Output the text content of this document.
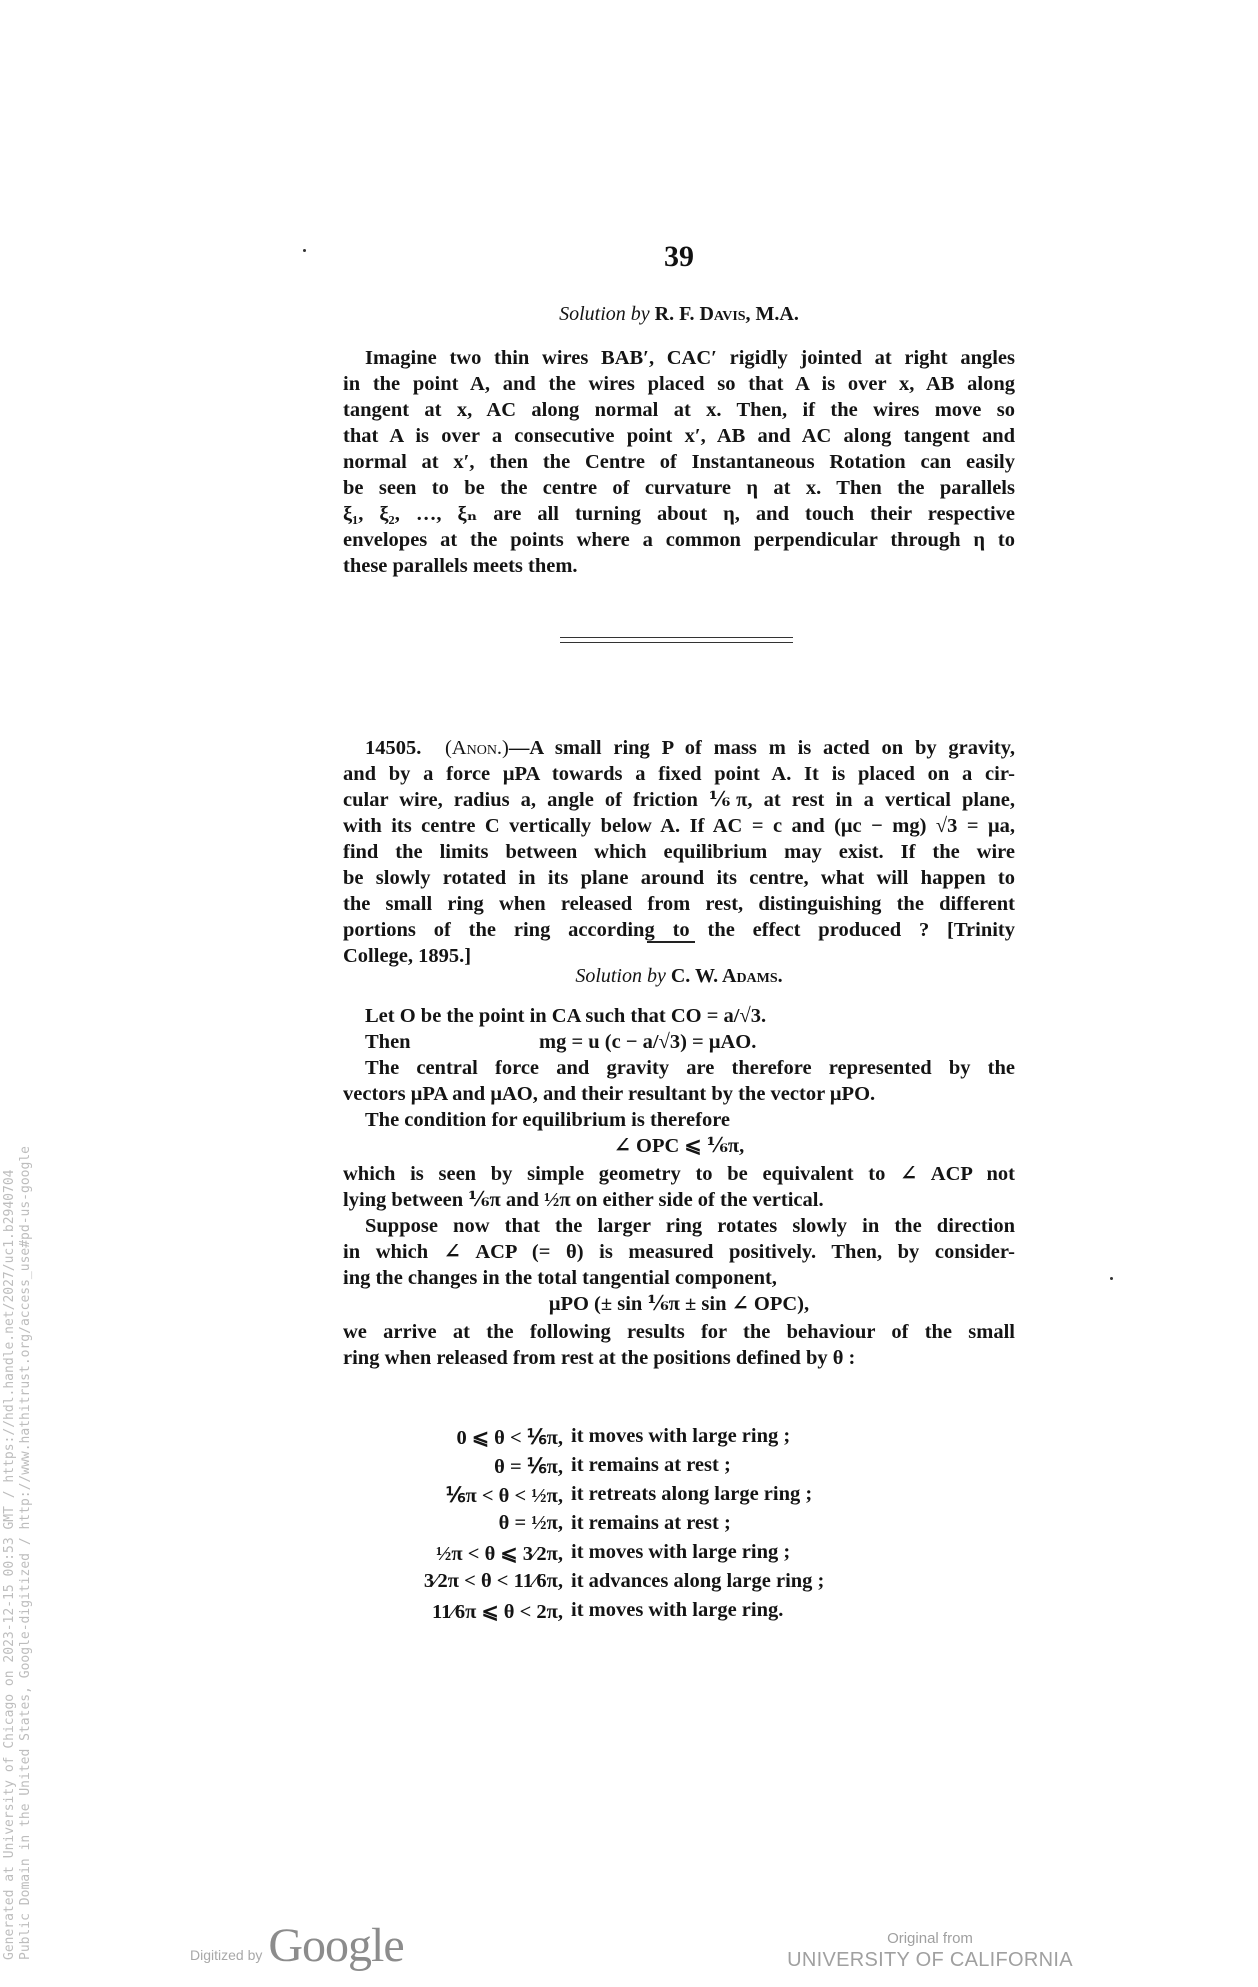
39
Solution by R. F. Davis, M.A.
Imagine two thin wires BAB′, CAC′ rigidly jointed at right angles
in the point A, and the wires placed so that A is over x, AB along
tangent at x, AC along normal at x. Then, if the wires move so
that A is over a consecutive point x′, AB and AC along tangent and
normal at x′, then the Centre of Instantaneous Rotation can easily
be seen to be the centre of curvature η at x. Then the parallels
ξ₁, ξ₂, …, ξₙ are all turning about η, and touch their respective
envelopes at the points where a common perpendicular through η to
these parallels meets them.
14505. (Anon.)—A small ring P of mass m is acted on by gravity,
and by a force μPA towards a fixed point A. It is placed on a cir-
cular wire, radius a, angle of friction ⅙π, at rest in a vertical plane,
with its centre C vertically below A. If AC = c and (μc − mg) √3 = μa,
find the limits between which equilibrium may exist. If the wire
be slowly rotated in its plane around its centre, what will happen to
the small ring when released from rest, distinguishing the different
portions of the ring according to the effect produced ? [Trinity
College, 1895.]
Solution by C. W. Adams.
Let O be the point in CA such that CO = a/√3.
Then	mg = u (c − a/√3) = μAO.
The central force and gravity are therefore represented by the
vectors μPA and μAO, and their resultant by the vector μPO.
The condition for equilibrium is therefore
∠ OPC ⩽ ⅙π,
which is seen by simple geometry to be equivalent to ∠ ACP not
lying between ⅙π and ½π on either side of the vertical.
Suppose now that the larger ring rotates slowly in the direction
in which ∠ ACP (= θ) is measured positively. Then, by consider-
ing the changes in the total tangential component,
μPO (± sin ⅙π ± sin ∠ OPC),
we arrive at the following results for the behaviour of the small
ring when released from rest at the positions defined by θ :
0 ⩽ θ < ⅙π, it moves with large ring ;
θ = ⅙π, it remains at rest ;
⅙π < θ < ½π, it retreats along large ring ;
θ = ½π, it remains at rest ;
½π < θ ⩽ 3⁄2π, it moves with large ring ;
3⁄2π < θ < 11⁄6π, it advances along large ring ;
11⁄6π ⩽ θ < 2π, it moves with large ring.
Generated at University of Chicago on 2023-12-15 00:53 GMT / https://hdl.handle.net/2027/uc1.b2940704 Public Domain in the United States, Google-digitized / http://www.hathitrust.org/access_use#pd-us-google	Digitized by Google	Original from
UNIVERSITY OF CALIFORNIA
